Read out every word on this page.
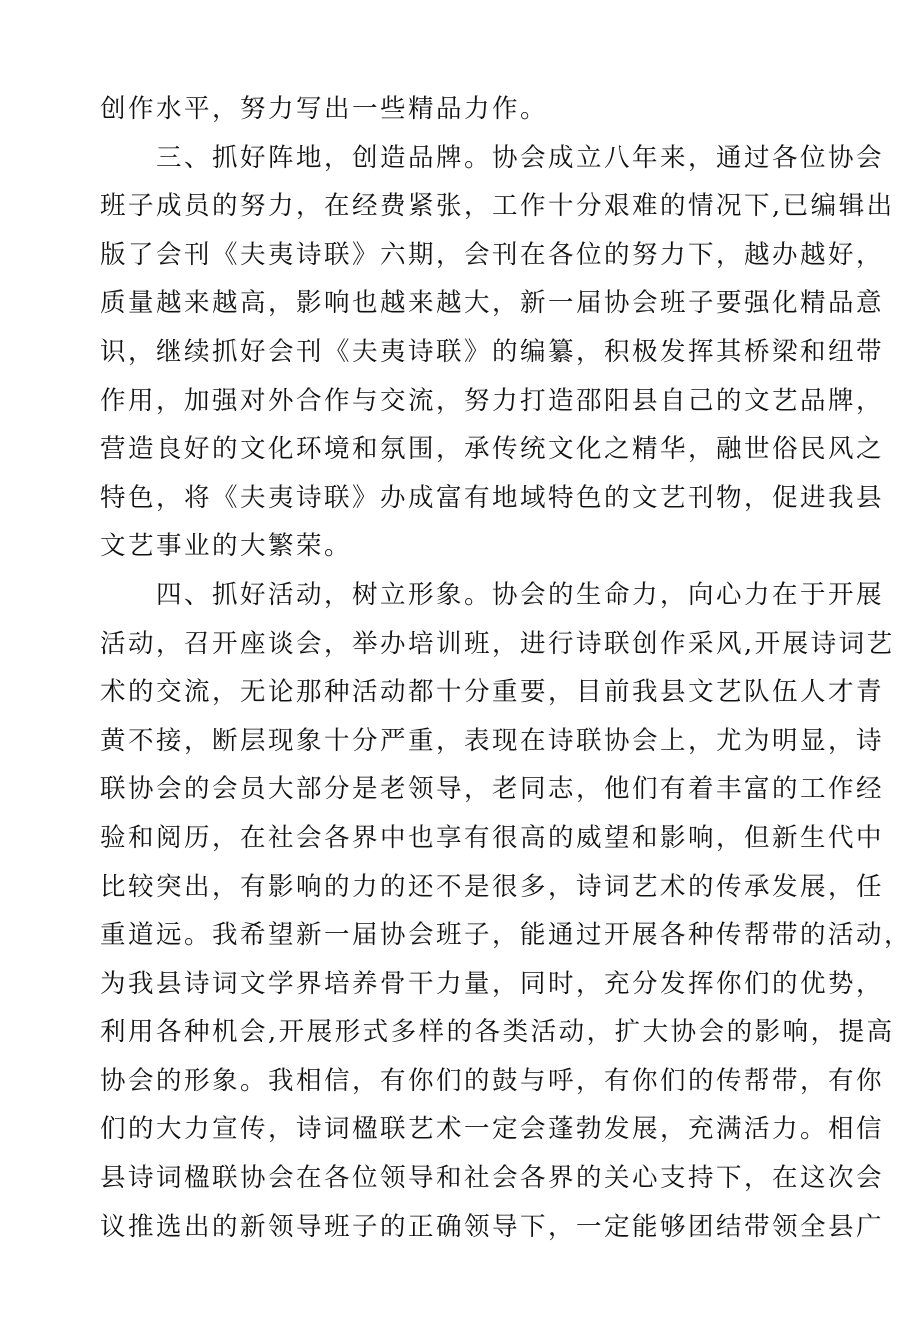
创作水平，努力写出一些精品力作。
三、抓好阵地，创造品牌。协会成立八年来，通过各位协会
班子成员的努力，在经费紧张，工作十分艰难的情况下,已编辑出
版了会刊《夫夷诗联》六期，会刊在各位的努力下，越办越好，
质量越来越高，影响也越来越大，新一届协会班子要强化精品意
识，继续抓好会刊《夫夷诗联》的编纂，积极发挥其桥梁和纽带
作用，加强对外合作与交流，努力打造邵阳县自己的文艺品牌，
营造良好的文化环境和氛围，承传统文化之精华，融世俗民风之
特色，将《夫夷诗联》办成富有地域特色的文艺刊物，促进我县
文艺事业的大繁荣。
四、抓好活动，树立形象。协会的生命力，向心力在于开展
活动，召开座谈会，举办培训班，进行诗联创作采风,开展诗词艺
术的交流，无论那种活动都十分重要，目前我县文艺队伍人才青
黄不接，断层现象十分严重，表现在诗联协会上，尤为明显，诗
联协会的会员大部分是老领导，老同志，他们有着丰富的工作经
验和阅历，在社会各界中也享有很高的威望和影响，但新生代中
比较突出，有影响的力的还不是很多，诗词艺术的传承发展，任
重道远。我希望新一届协会班子，能通过开展各种传帮带的活动，
为我县诗词文学界培养骨干力量，同时，充分发挥你们的优势，
利用各种机会,开展形式多样的各类活动，扩大协会的影响，提高
协会的形象。我相信，有你们的鼓与呼，有你们的传帮带，有你
们的大力宣传，诗词楹联艺术一定会蓬勃发展，充满活力。相信
县诗词楹联协会在各位领导和社会各界的关心支持下，在这次会
议推选出的新领导班子的正确领导下，一定能够团结带领全县广
